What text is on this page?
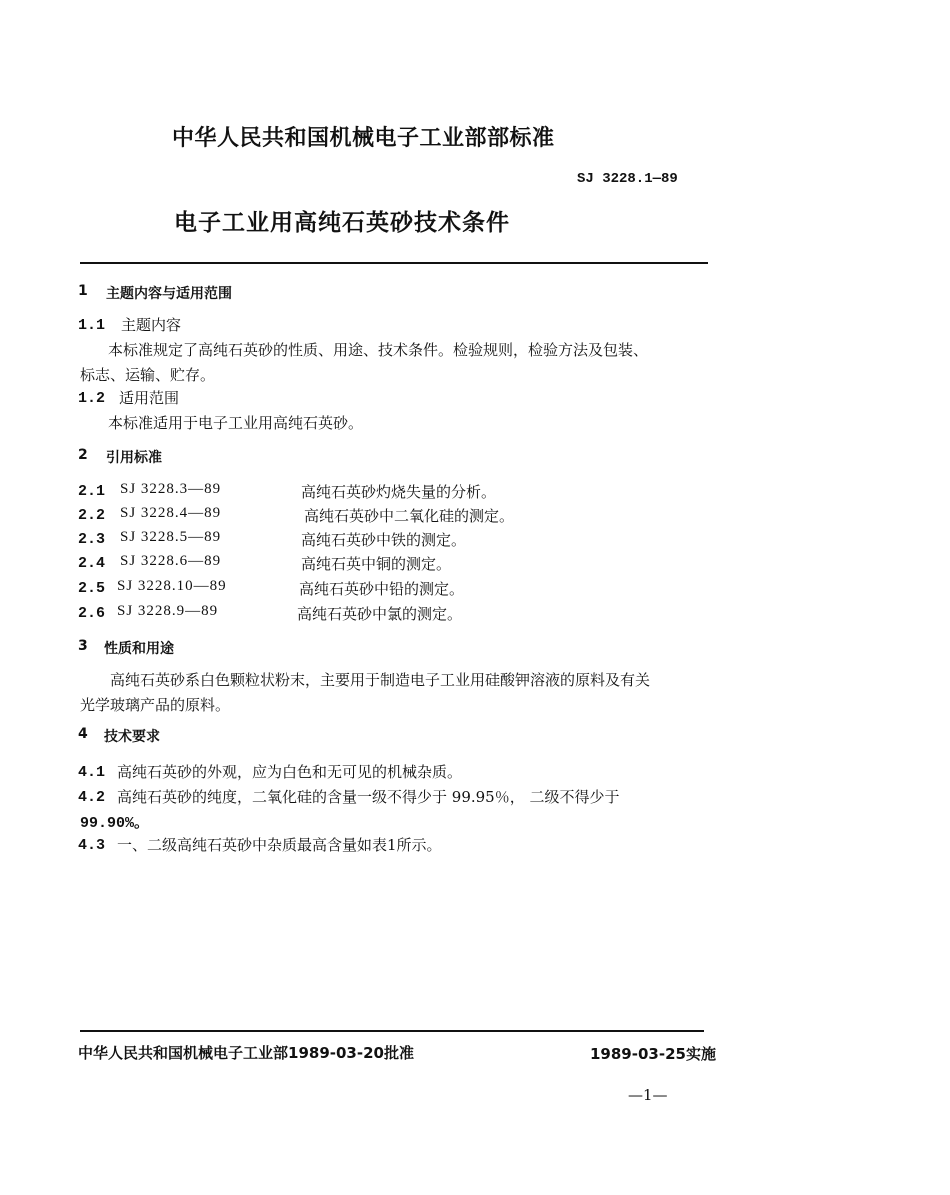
中华人民共和国机械电子工业部部标准
SJ 3228.1—89
电子工业用高纯石英砂技术条件
1 主题内容与适用范围
1.1 主题内容
本标准规定了高纯石英砂的性质、用途、技术条件。检验规则，检验方法及包装、
标志、运输、贮存。
1.2 适用范围
本标准适用于电子工业用高纯石英砂。
2 引用标准
2.1 SJ 3228.3—89	高纯石英砂灼烧失量的分析。
2.2 SJ 3228.4—89	高纯石英砂中二氧化硅的测定。
2.3 SJ 3228.5—89	高纯石英砂中铁的测定。
2.4 SJ 3228.6—89	高纯石英中铜的测定。
2.5 SJ 3228.10—89	高纯石英砂中铅的测定。
2.6 SJ 3228.9—89	高纯石英砂中氯的测定。
3 性质和用途
高纯石英砂系白色颗粒状粉末，主要用于制造电子工业用硅酸钾溶液的原料及有关
光学玻璃产品的原料。
4 技术要求
4.1 高纯石英砂的外观，应为白色和无可见的机械杂质。
4.2 高纯石英砂的纯度，二氧化硅的含量一级不得少于 99.95％， 二级不得少于
99.90%。
4.3 一、二级高纯石英砂中杂质最高含量如表1所示。
中华人民共和国机械电子工业部1989-03-20批准	1989-03-25实施
—1—
